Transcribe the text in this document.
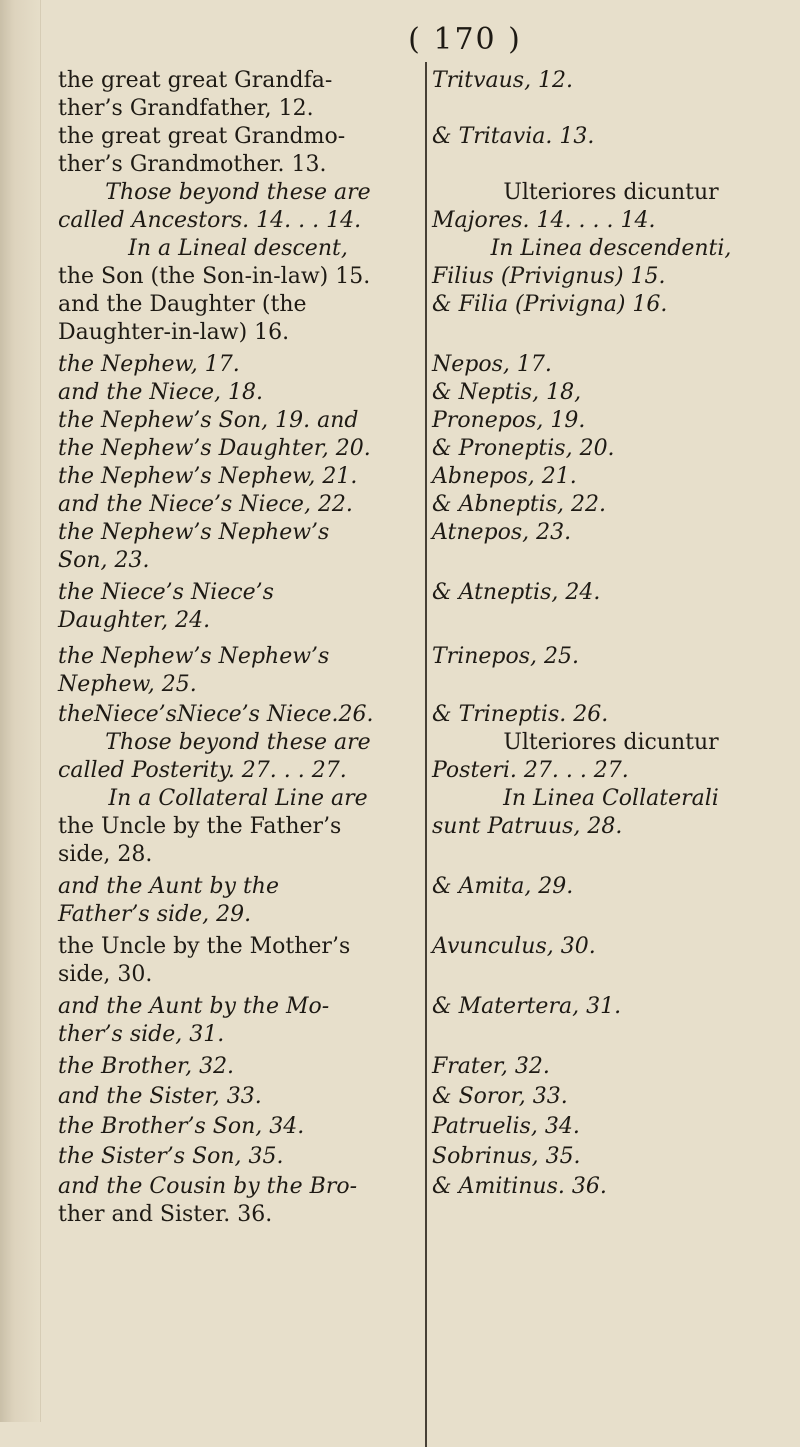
( 170 )
the great great Grandfa-	Tritvaus, 12.
ther’s Grandfather, 12.
the great great Grandmo-	& Tritavia. 13.
ther’s Grandmother. 13.
Those beyond these are	Ulteriores dicuntur
called Ancestors. 14. . . 14.	Majores. 14. . . . 14.
In a Lineal descent,	In Linea descendenti,
the Son (the Son-in-law) 15.	Filius (Privignus) 15.
and the Daughter (the	& Filia (Privigna) 16.
Daughter-in-law) 16.
the Nephew, 17.	Nepos, 17.
and the Niece, 18.	& Neptis, 18,
the Nephew’s Son, 19. and	Pronepos, 19.
the Nephew’s Daughter, 20.	& Proneptis, 20.
the Nephew’s Nephew, 21.	Abnepos, 21.
and the Niece’s Niece, 22.	& Abneptis, 22.
the Nephew’s Nephew’s	Atnepos, 23.
Son, 23.
the Niece’s Niece’s	& Atneptis, 24.
Daughter, 24.
the Nephew’s Nephew’s	Trinepos, 25.
Nephew, 25.
theNiece’sNiece’s Niece.26.	& Trineptis. 26.
Those beyond these are	Ulteriores dicuntur
called Posterity. 27. . . 27.	Posteri. 27. . . 27.
In a Collateral Line are	In Linea Collaterali
the Uncle by the Father’s	sunt Patruus, 28.
side, 28.
and the Aunt by the	& Amita, 29.
Father’s side, 29.
the Uncle by the Mother’s	Avunculus, 30.
side, 30.
and the Aunt by the Mo-	& Matertera, 31.
ther’s side, 31.
the Brother, 32.	Frater, 32.
and the Sister, 33.	& Soror, 33.
the Brother’s Son, 34.	Patruelis, 34.
the Sister’s Son, 35.	Sobrinus, 35.
and the Cousin by the Bro-	& Amitinus. 36.
ther and Sister. 36.
